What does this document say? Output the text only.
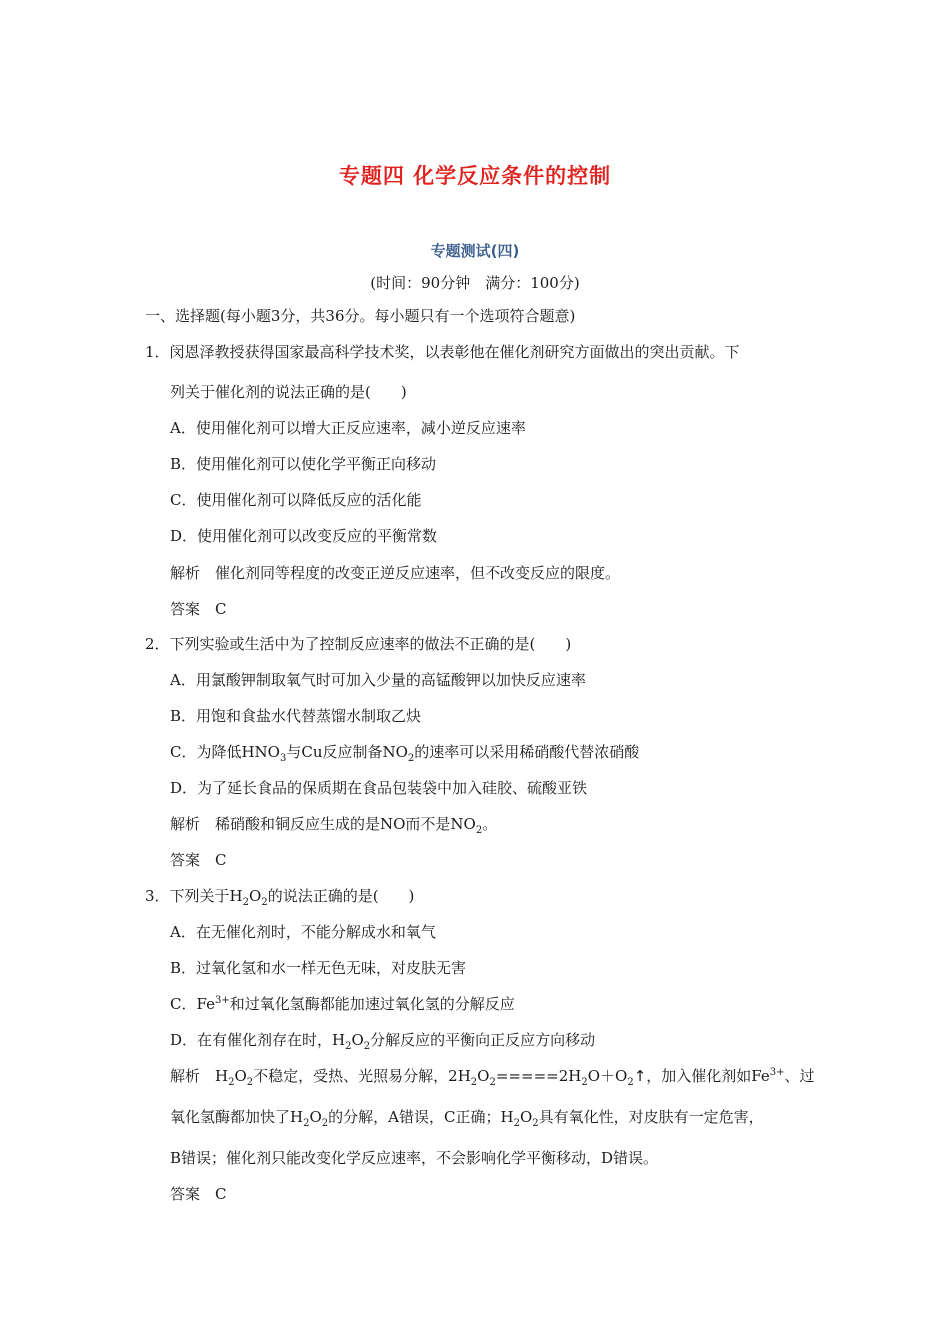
专题四 化学反应条件的控制
专题测试(四)
(时间：90分钟　满分：100分)
一、选择题(每小题3分，共36分。每小题只有一个选项符合题意)
1．闵恩泽教授获得国家最高科学技术奖，以表彰他在催化剂研究方面做出的突出贡献。下
列关于催化剂的说法正确的是(　　)
A．使用催化剂可以增大正反应速率，减小逆反应速率
B．使用催化剂可以使化学平衡正向移动
C．使用催化剂可以降低反应的活化能
D．使用催化剂可以改变反应的平衡常数
解析　催化剂同等程度的改变正逆反应速率，但不改变反应的限度。
答案　C
2．下列实验或生活中为了控制反应速率的做法不正确的是(　　)
A．用氯酸钾制取氧气时可加入少量的高锰酸钾以加快反应速率
B．用饱和食盐水代替蒸馏水制取乙炔
C．为降低$HNO_3$与Cu反应制备$NO_2$的速率可以采用稀硝酸代替浓硝酸
D．为了延长食品的保质期在食品包装袋中加入硅胶、硫酸亚铁
解析　稀硝酸和铜反应生成的是NO而不是$NO_2$。
答案　C
3．下列关于$H_2O_2$的说法正确的是(　　)
A．在无催化剂时，不能分解成水和氧气
B．过氧化氢和水一样无色无味，对皮肤无害
C．$Fe^{3+}$和过氧化氢酶都能加速过氧化氢的分解反应
D．在有催化剂存在时，$H_2O_2$分解反应的平衡向正反应方向移动
解析　$H_2O_2$不稳定，受热、光照易分解，$2H_2O_2=====2H_2O+O_2↑$，加入催化剂如$Fe^{3+}$、过
氧化氢酶都加快了$H_2O_2$的分解，A错误，C正确；$H_2O_2$具有氧化性，对皮肤有一定危害，
B错误；催化剂只能改变化学反应速率，不会影响化学平衡移动，D错误。
答案　C
